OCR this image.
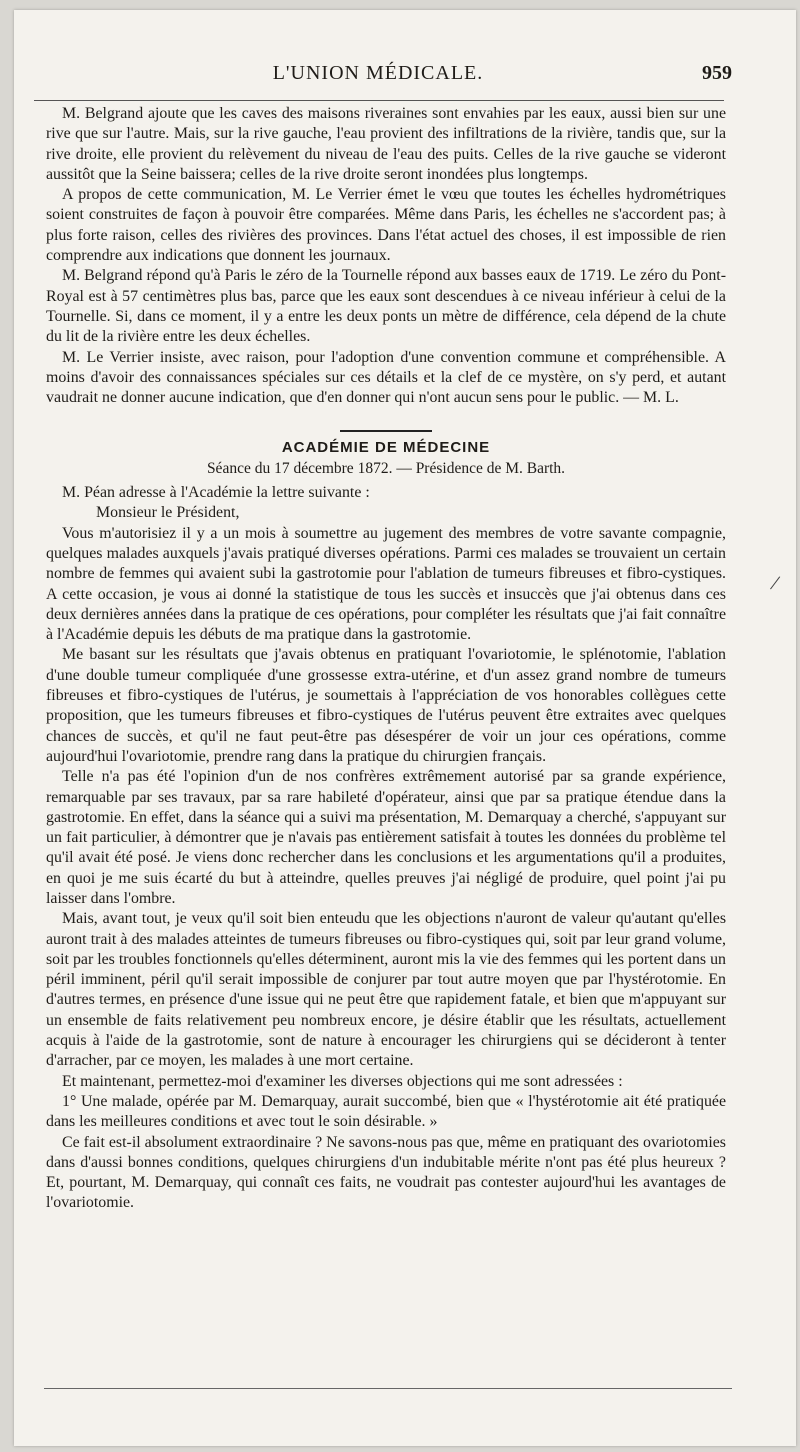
L'UNION MÉDICALE.	959

M. Belgrand ajoute que les caves des maisons riveraines sont envahies par les eaux, aussi bien sur une rive que sur l'autre. Mais, sur la rive gauche, l'eau provient des infiltrations de la rivière, tandis que, sur la rive droite, elle provient du relèvement du niveau de l'eau des puits. Celles de la rive gauche se videront aussitôt que la Seine baissera; celles de la rive droite seront inondées plus longtemps.

A propos de cette communication, M. Le Verrier émet le vœu que toutes les échelles hydrométriques soient construites de façon à pouvoir être comparées. Même dans Paris, les échelles ne s'accordent pas; à plus forte raison, celles des rivières des provinces. Dans l'état actuel des choses, il est impossible de rien comprendre aux indications que donnent les journaux.

M. Belgrand répond qu'à Paris le zéro de la Tournelle répond aux basses eaux de 1719. Le zéro du Pont-Royal est à 57 centimètres plus bas, parce que les eaux sont descendues à ce niveau inférieur à celui de la Tournelle. Si, dans ce moment, il y a entre les deux ponts un mètre de différence, cela dépend de la chute du lit de la rivière entre les deux échelles.

M. Le Verrier insiste, avec raison, pour l'adoption d'une convention commune et compréhensible. A moins d'avoir des connaissances spéciales sur ces détails et la clef de ce mystère, on s'y perd, et autant vaudrait ne donner aucune indication, que d'en donner qui n'ont aucun sens pour le public. — M. L.

ACADÉMIE DE MÉDECINE
Séance du 17 décembre 1872. — Présidence de M. Barth.

M. Péan adresse à l'Académie la lettre suivante :

Monsieur le Président,

Vous m'autorisiez il y a un mois à soumettre au jugement des membres de votre savante compagnie, quelques malades auxquels j'avais pratiqué diverses opérations. Parmi ces malades se trouvaient un certain nombre de femmes qui avaient subi la gastrotomie pour l'ablation de tumeurs fibreuses et fibro-cystiques. A cette occasion, je vous ai donné la statistique de tous les succès et insuccès que j'ai obtenus dans ces deux dernières années dans la pratique de ces opérations, pour compléter les résultats que j'ai fait connaître à l'Académie depuis les débuts de ma pratique dans la gastrotomie.

Me basant sur les résultats que j'avais obtenus en pratiquant l'ovariotomie, le splénotomie, l'ablation d'une double tumeur compliquée d'une grossesse extra-utérine, et d'un assez grand nombre de tumeurs fibreuses et fibro-cystiques de l'utérus, je soumettais à l'appréciation de vos honorables collègues cette proposition, que les tumeurs fibreuses et fibro-cystiques de l'utérus peuvent être extraites avec quelques chances de succès, et qu'il ne faut peut-être pas désespérer de voir un jour ces opérations, comme aujourd'hui l'ovariotomie, prendre rang dans la pratique du chirurgien français.

Telle n'a pas été l'opinion d'un de nos confrères extrêmement autorisé par sa grande expérience, remarquable par ses travaux, par sa rare habileté d'opérateur, ainsi que par sa pratique étendue dans la gastrotomie. En effet, dans la séance qui a suivi ma présentation, M. Demarquay a cherché, s'appuyant sur un fait particulier, à démontrer que je n'avais pas entièrement satisfait à toutes les données du problème tel qu'il avait été posé. Je viens donc rechercher dans les conclusions et les argumentations qu'il a produites, en quoi je me suis écarté du but à atteindre, quelles preuves j'ai négligé de produire, quel point j'ai pu laisser dans l'ombre.

Mais, avant tout, je veux qu'il soit bien enteudu que les objections n'auront de valeur qu'autant qu'elles auront trait à des malades atteintes de tumeurs fibreuses ou fibro-cystiques qui, soit par leur grand volume, soit par les troubles fonctionnels qu'elles déterminent, auront mis la vie des femmes qui les portent dans un péril imminent, péril qu'il serait impossible de conjurer par tout autre moyen que par l'hystérotomie. En d'autres termes, en présence d'une issue qui ne peut être que rapidement fatale, et bien que m'appuyant sur un ensemble de faits relativement peu nombreux encore, je désire établir que les résultats, actuellement acquis à l'aide de la gastrotomie, sont de nature à encourager les chirurgiens qui se décideront à tenter d'arracher, par ce moyen, les malades à une mort certaine.

Et maintenant, permettez-moi d'examiner les diverses objections qui me sont adressées :

1° Une malade, opérée par M. Demarquay, aurait succombé, bien que « l'hystérotomie ait été pratiquée dans les meilleures conditions et avec tout le soin désirable. »

Ce fait est-il absolument extraordinaire ? Ne savons-nous pas que, même en pratiquant des ovariotomies dans d'aussi bonnes conditions, quelques chirurgiens d'un indubitable mérite n'ont pas été plus heureux ? Et, pourtant, M. Demarquay, qui connaît ces faits, ne voudrait pas contester aujourd'hui les avantages de l'ovariotomie.

/
